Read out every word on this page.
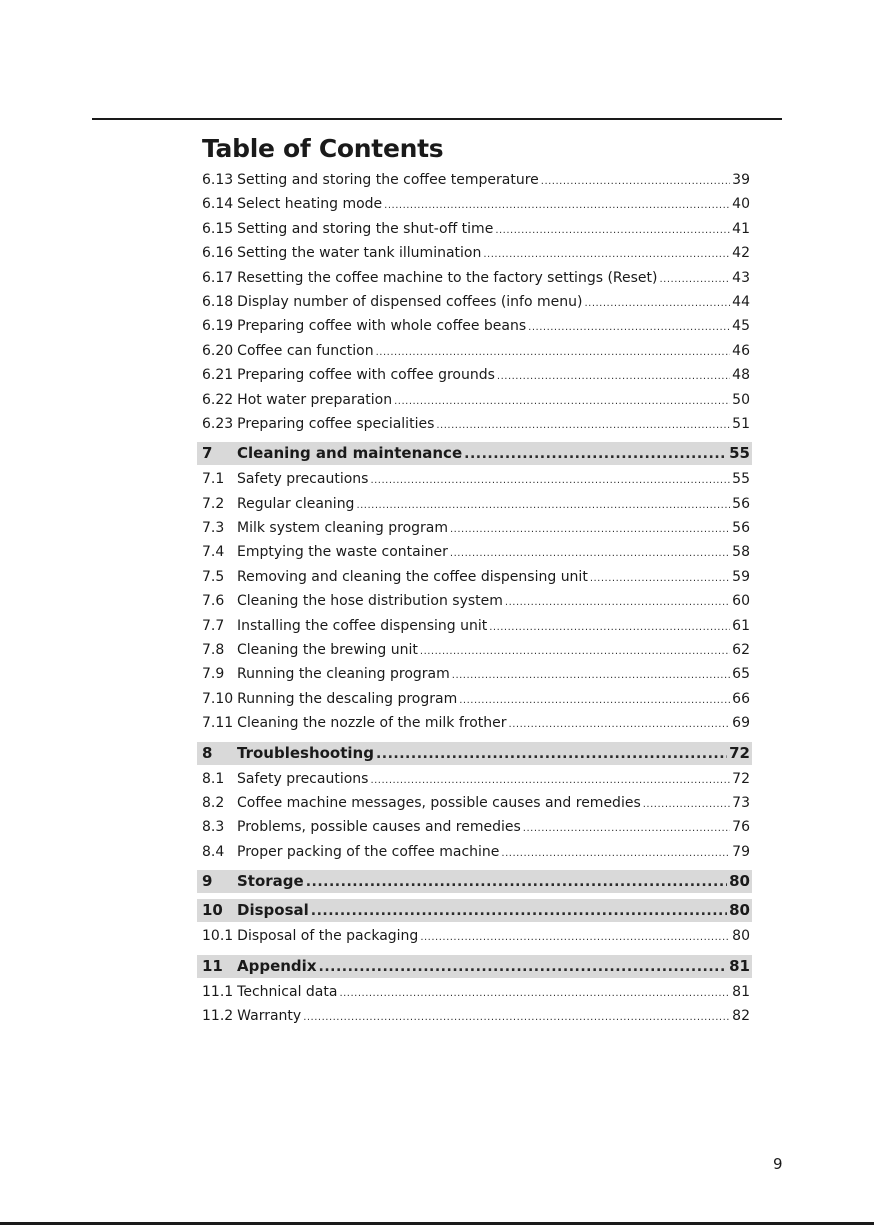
Table of Contents
6.13 Setting and storing the coffee temperature .....	39
6.14 Select heating mode .....	40
6.15 Setting and storing the shut-off time .....	41
6.16 Setting the water tank illumination .....	42
6.17 Resetting the coffee machine to the factory settings (Reset) .....	43
6.18 Display number of dispensed coffees (info menu) .....	44
6.19 Preparing coffee with whole coffee beans .....	45
6.20 Coffee can function .....	46
6.21 Preparing coffee with coffee grounds .....	48
6.22 Hot water preparation .....	50
6.23 Preparing coffee specialities .....	51
7	Cleaning and maintenance .....	55
7.1 Safety precautions .....	55
7.2 Regular cleaning .....	56
7.3 Milk system cleaning program .....	56
7.4 Emptying the waste container .....	58
7.5 Removing and cleaning the coffee dispensing unit .....	59
7.6 Cleaning the hose distribution system .....	60
7.7 Installing the coffee dispensing unit .....	61
7.8 Cleaning the brewing unit .....	62
7.9 Running the cleaning program .....	65
7.10 Running the descaling program .....	66
7.11 Cleaning the nozzle of the milk frother .....	69
8	Troubleshooting .....	72
8.1 Safety precautions .....	72
8.2 Coffee machine messages, possible causes and remedies .....	73
8.3 Problems, possible causes and remedies .....	76
8.4 Proper packing of the coffee machine .....	79
9	Storage .....	80
10 Disposal .....	80
10.1 Disposal of the packaging .....	80
11 Appendix .....	81
11.1 Technical data .....	81
11.2 Warranty .....	82
9
